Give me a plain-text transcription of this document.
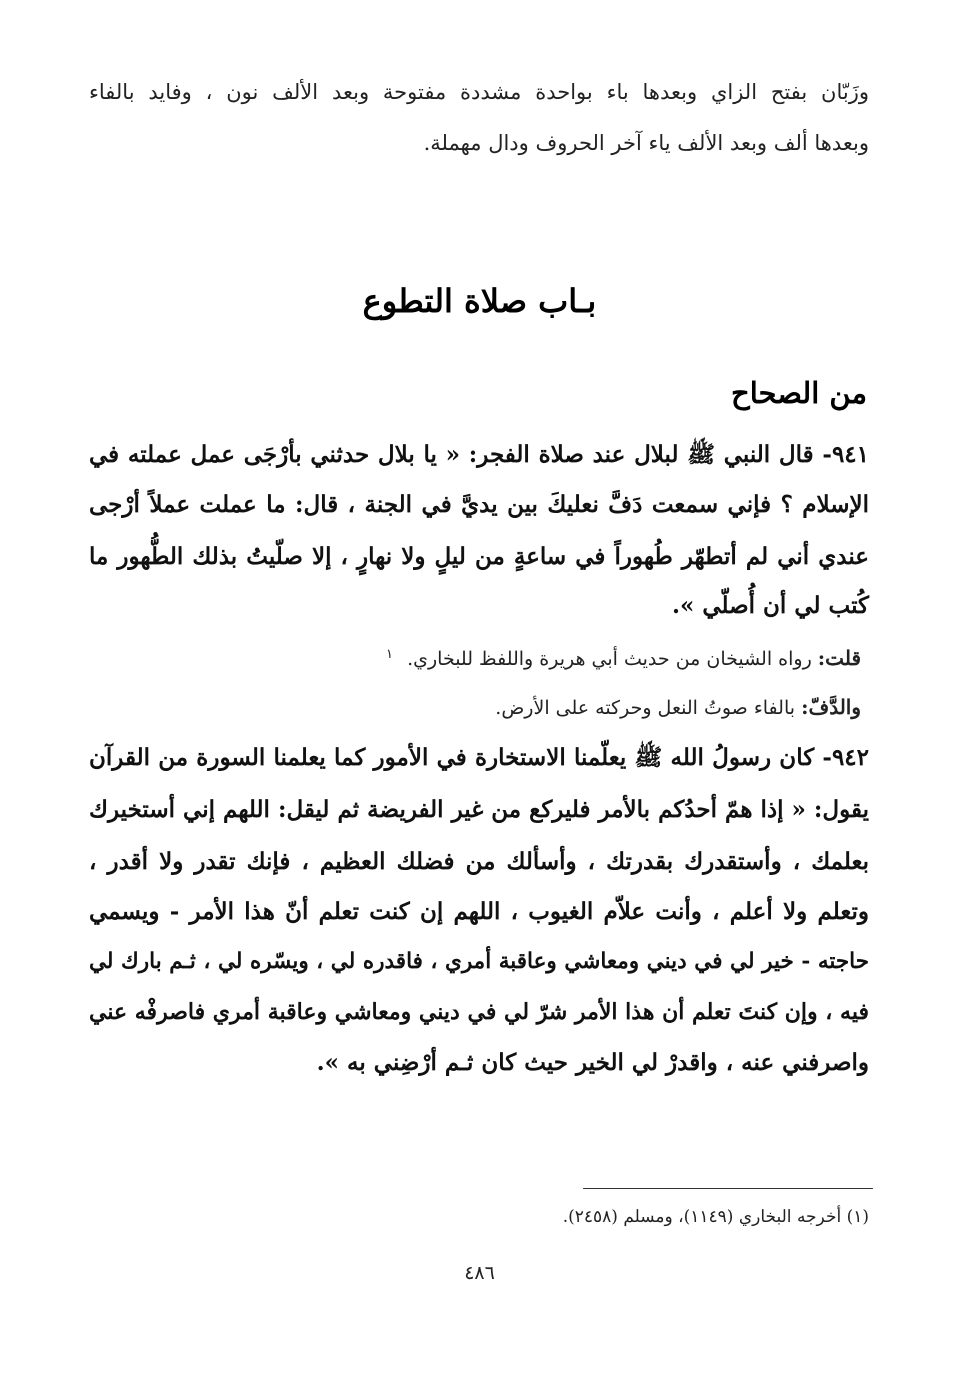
وزَبّان بفتح الزاي وبعدها باء بواحدة مشددة مفتوحة وبعد الألف نون ، وفايد بالفاء
وبعدها ألف وبعد الألف ياء آخر الحروف ودال مهملة.
بـاب صلاة التطوع
من الصحاح
٩٤١- قال النبي ﷺ لبلال عند صلاة الفجر: « يا بلال حدثني بأرْجَى عمل عملته في
الإسلام ؟ فإني سمعت دَفَّ نعليكَ بين يديَّ في الجنة ، قال: ما عملت عملاً أرْجى
عندي أني لم أتطهّر طُهوراً في ساعةٍ من ليلٍ ولا نهارٍ ، إلا صلّيتُ بذلك الطُّهور ما
كُتب لي أن أُصلّي ».
قلت: رواه الشيخان من حديث أبي هريرة واللفظ للبخاري. $^١$
والدَّفّ: بالفاء صوتُ النعل وحركته على الأرض.
٩٤٢- كان رسولُ الله ﷺ يعلّمنا الاستخارة في الأمور كما يعلمنا السورة من القرآن
يقول: « إذا همّ أحدُكم بالأمر فليركع من غير الفريضة ثم ليقل: اللهم إني أستخيرك
بعلمك ، وأستقدرك بقدرتك ، وأسألك من فضلك العظيم ، فإنك تقدر ولا أقدر ،
وتعلم ولا أعلم ، وأنت علاّم الغيوب ، اللهم إن كنت تعلم أنّ هذا الأمر - ويسمي
حاجته - خير لي في ديني ومعاشي وعاقبة أمري ، فاقدره لي ، ويسّره لي ، ثـم بارك لي
فيه ، وإن كنتَ تعلم أن هذا الأمر شرّ لي في ديني ومعاشي وعاقبة أمري فاصرفْه عني
واصرفني عنه ، واقدرْ لي الخير حيث كان ثـم أرْضِني به ».
(١) أخرجه البخاري (١١٤٩)، ومسلم (٢٤٥٨).
٤٨٦
